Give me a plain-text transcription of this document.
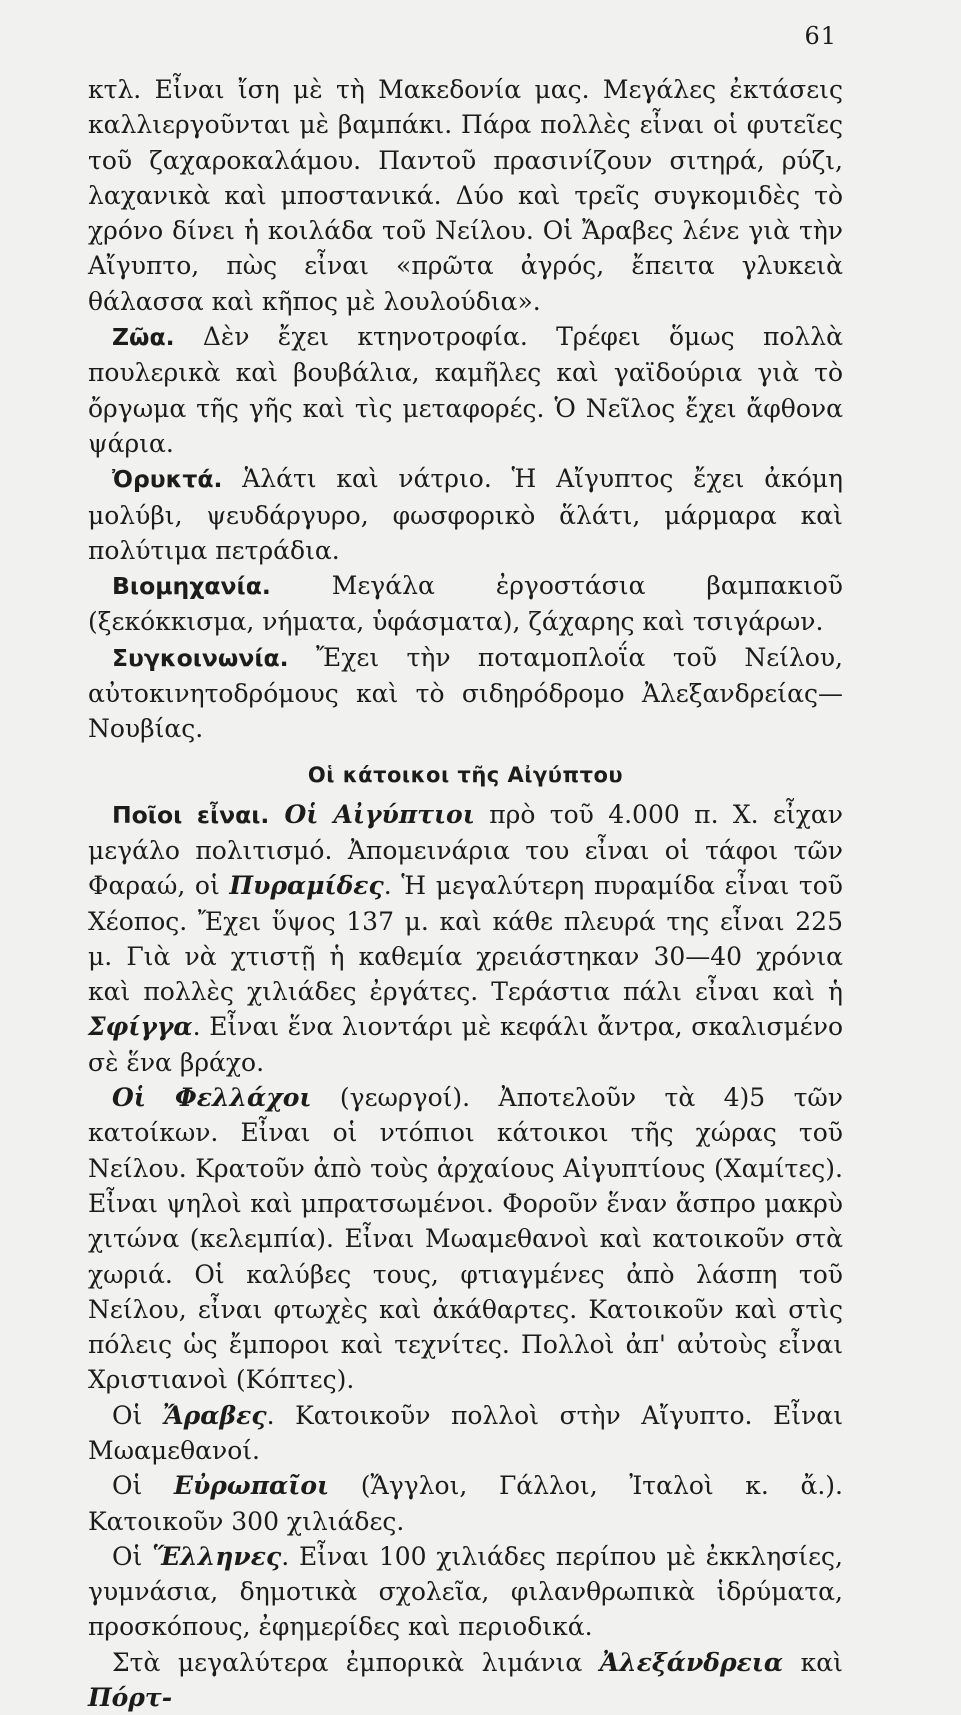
61

κτλ. Εἶναι ἴση μὲ τὴ Μακεδονία μας. Μεγάλες ἐκτάσεις καλλιεργοῦνται μὲ βαμπάκι. Πάρα πολλὲς εἶναι οἱ φυτεῖες τοῦ ζαχαροκαλάμου. Παντοῦ πρασινίζουν σιτηρά, ρύζι, λαχανικὰ καὶ μποστανικά. Δύο καὶ τρεῖς συγκομιδὲς τὸ χρόνο δίνει ἡ κοιλάδα τοῦ Νείλου. Οἱ Ἄραβες λένε γιὰ τὴν Αἴγυπτο, πὼς εἶναι «πρῶτα ἀγρός, ἔπειτα γλυκειὰ θάλασσα καὶ κῆπος μὲ λουλούδια».

Ζῶα. Δὲν ἔχει κτηνοτροφία. Τρέφει ὅμως πολλὰ πουλερικὰ καὶ βουβάλια, καμῆλες καὶ γαϊδούρια γιὰ τὸ ὄργωμα τῆς γῆς καὶ τὶς μεταφορές. Ὁ Νεῖλος ἔχει ἄφθονα ψάρια.

Ὀρυκτά. Ἁλάτι καὶ νάτριο. Ἡ Αἴγυπτος ἔχει ἀκόμη μολύβι, ψευδάργυρο, φωσφορικὸ ἅλάτι, μάρμαρα καὶ πολύτιμα πετράδια.

Βιομηχανία. Μεγάλα ἐργοστάσια βαμπακιοῦ (ξεκόκκισμα, νήματα, ὑφάσματα), ζάχαρης καὶ τσιγάρων.

Συγκοινωνία. Ἔχει τὴν ποταμοπλοΐα τοῦ Νείλου, αὐτοκινητοδρόμους καὶ τὸ σιδηρόδρομο Ἀλεξανδρείας—Νουβίας.

Οἱ κάτοικοι τῆς Αἰγύπτου

Ποῖοι εἶναι. Οἱ Αἰγύπτιοι πρὸ τοῦ 4.000 π. Χ. εἶχαν μεγάλο πολιτισμό. Ἀπομεινάρια του εἶναι οἱ τάφοι τῶν Φαραώ, οἱ Πυραμίδες. Ἡ μεγαλύτερη πυραμίδα εἶναι τοῦ Χέοπος. Ἔχει ὕψος 137 μ. καὶ κάθε πλευρά της εἶναι 225 μ. Γιὰ νὰ χτιστῇ ἡ καθεμία χρειάστηκαν 30—40 χρόνια καὶ πολλὲς χιλιάδες ἐργάτες. Τεράστια πάλι εἶναι καὶ ἡ Σφίγγα. Εἶναι ἕνα λιοντάρι μὲ κεφάλι ἄντρα, σκαλισμένο σὲ ἕνα βράχο.

Οἱ Φελλάχοι (γεωργοί). Ἀποτελοῦν τὰ 4)5 τῶν κατοίκων. Εἶναι οἱ ντόπιοι κάτοικοι τῆς χώρας τοῦ Νείλου. Κρατοῦν ἀπὸ τοὺς ἀρχαίους Αἰγυπτίους (Χαμίτες). Εἶναι ψηλοὶ καὶ μπρατσωμένοι. Φοροῦν ἕναν ἄσπρο μακρὺ χιτώνα (κελεμπία). Εἶναι Μωαμεθανοὶ καὶ κατοικοῦν στὰ χωριά. Οἱ καλύβες τους, φτιαγμένες ἀπὸ λάσπη τοῦ Νείλου, εἶναι φτωχὲς καὶ ἀκάθαρτες. Κατοικοῦν καὶ στὶς πόλεις ὡς ἔμποροι καὶ τεχνίτες. Πολλοὶ ἀπ' αὐτοὺς εἶναι Χριστιανοὶ (Κόπτες).

Οἱ Ἄραβες. Κατοικοῦν πολλοὶ στὴν Αἴγυπτο. Εἶναι Μωαμεθανοί.

Οἱ Εὐρωπαῖοι (Ἄγγλοι, Γάλλοι, Ἰταλοὶ κ. ἄ.). Κατοικοῦν 300 χιλιάδες.

Οἱ Ἕλληνες. Εἶναι 100 χιλιάδες περίπου μὲ ἐκκλησίες, γυμνάσια, δημοτικὰ σχολεῖα, φιλανθρωπικὰ ἱδρύματα, προσκόπους, ἐφημερίδες καὶ περιοδικά.

Στὰ μεγαλύτερα ἐμπορικὰ λιμάνια Ἀλεξάνδρεια καὶ Πόρτ-
